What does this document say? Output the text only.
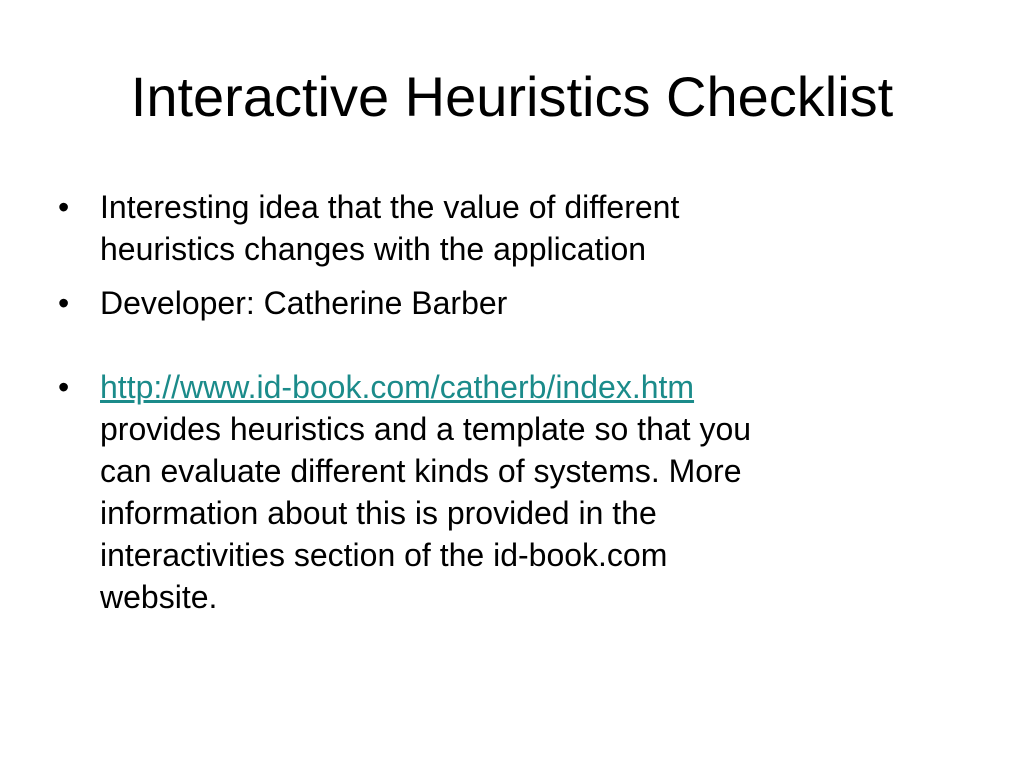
Interactive Heuristics Checklist
• Interesting idea that the value of different
heuristics changes with the application
• Developer: Catherine Barber
• http://www.id-book.com/catherb/index.htm
provides heuristics and a template so that you
can evaluate different kinds of systems. More
information about this is provided in the
interactivities section of the id-book.com
website.
